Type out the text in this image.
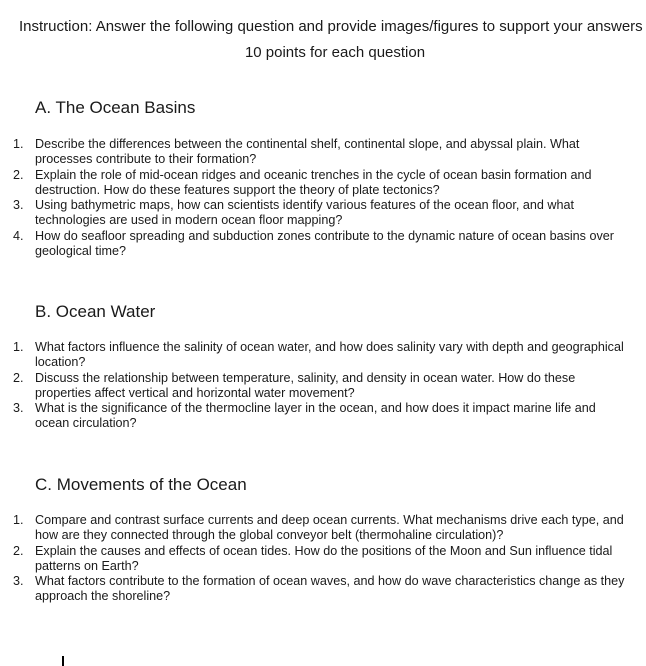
Instruction: Answer the following question and provide images/figures to support your answers
10 points for each question
A. The Ocean Basins
1. Describe the differences between the continental shelf, continental slope, and abyssal plain. What processes contribute to their formation?
2. Explain the role of mid-ocean ridges and oceanic trenches in the cycle of ocean basin formation and destruction. How do these features support the theory of plate tectonics?
3. Using bathymetric maps, how can scientists identify various features of the ocean floor, and what technologies are used in modern ocean floor mapping?
4. How do seafloor spreading and subduction zones contribute to the dynamic nature of ocean basins over geological time?
B. Ocean Water
1. What factors influence the salinity of ocean water, and how does salinity vary with depth and geographical location?
2. Discuss the relationship between temperature, salinity, and density in ocean water. How do these properties affect vertical and horizontal water movement?
3. What is the significance of the thermocline layer in the ocean, and how does it impact marine life and ocean circulation?
C. Movements of the Ocean
1. Compare and contrast surface currents and deep ocean currents. What mechanisms drive each type, and how are they connected through the global conveyor belt (thermohaline circulation)?
2. Explain the causes and effects of ocean tides. How do the positions of the Moon and Sun influence tidal patterns on Earth?
3. What factors contribute to the formation of ocean waves, and how do wave characteristics change as they approach the shoreline?
